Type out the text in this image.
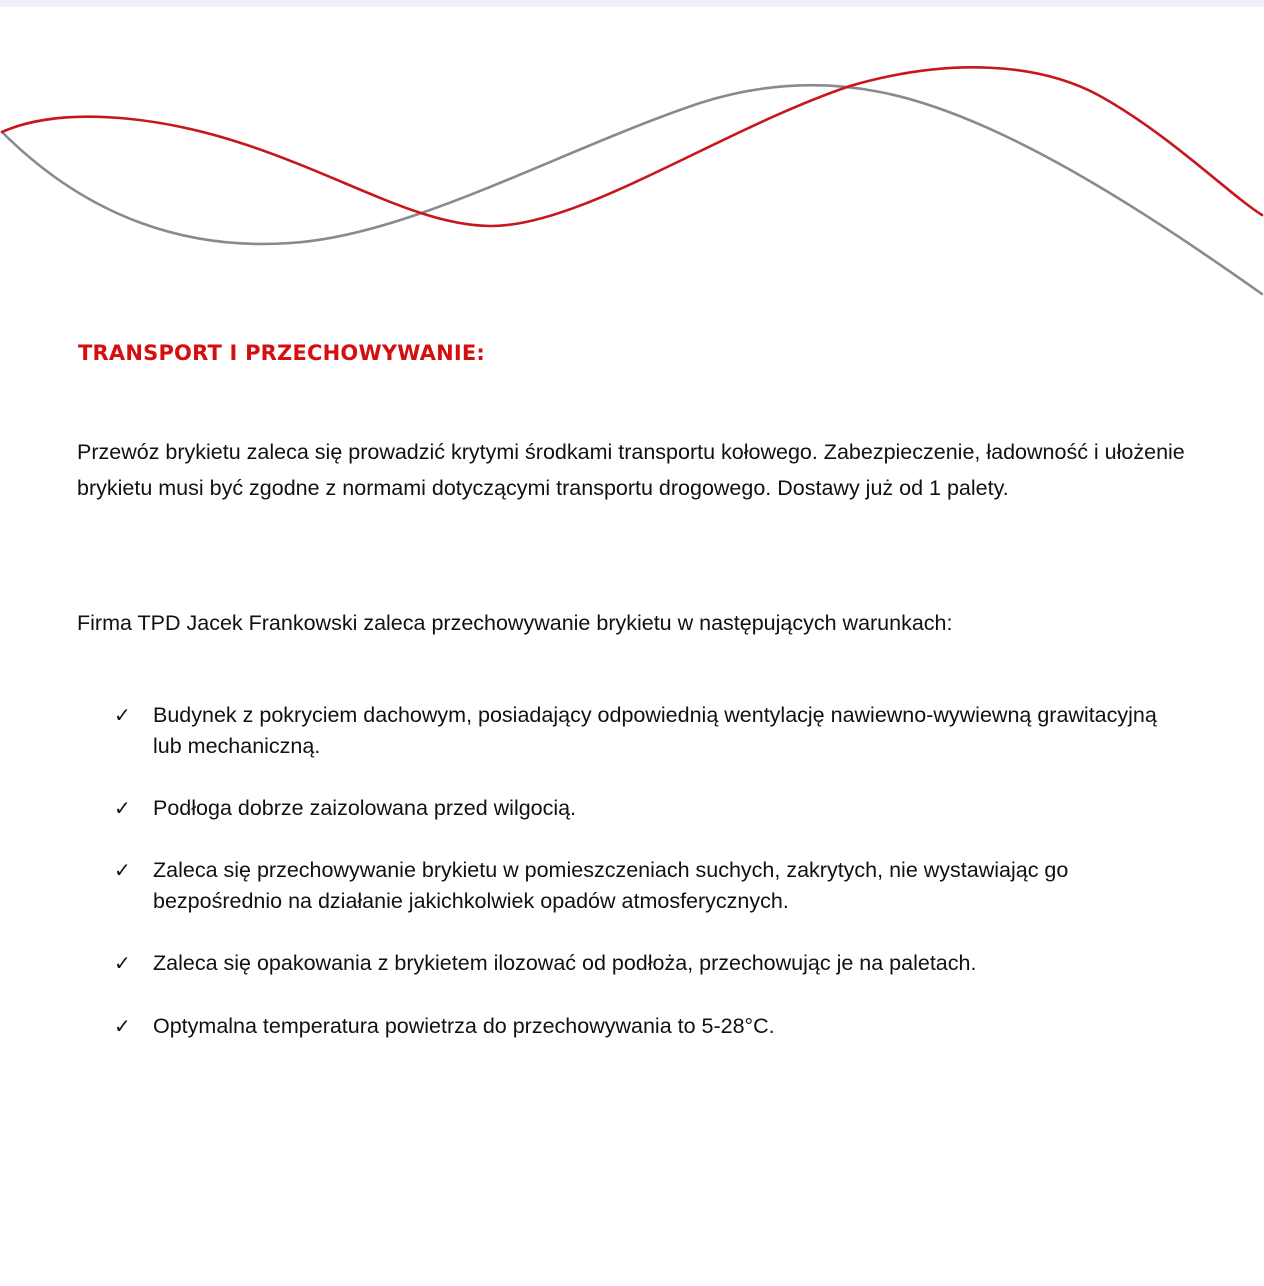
TRANSPORT I PRZECHOWYWANIE:

Przewóz brykietu zaleca się prowadzić krytymi środkami transportu kołowego. Zabezpieczenie, ładowność i ułożenie brykietu musi być zgodne z normami dotyczącymi transportu drogowego. Dostawy już od 1 palety.

Firma TPD Jacek Frankowski zaleca przechowywanie brykietu w następujących warunkach:

✓ Budynek z pokryciem dachowym, posiadający odpowiednią wentylację nawiewno-wywiewną grawitacyjną lub mechaniczną.
✓ Podłoga dobrze zaizolowana przed wilgocią.
✓ Zaleca się przechowywanie brykietu w pomieszczeniach suchych, zakrytych, nie wystawiając go bezpośrednio na działanie jakichkolwiek opadów atmosferycznych.
✓ Zaleca się opakowania z brykietem ilozować od podłoża, przechowując je na paletach.
✓ Optymalna temperatura powietrza do przechowywania to 5-28°C.
